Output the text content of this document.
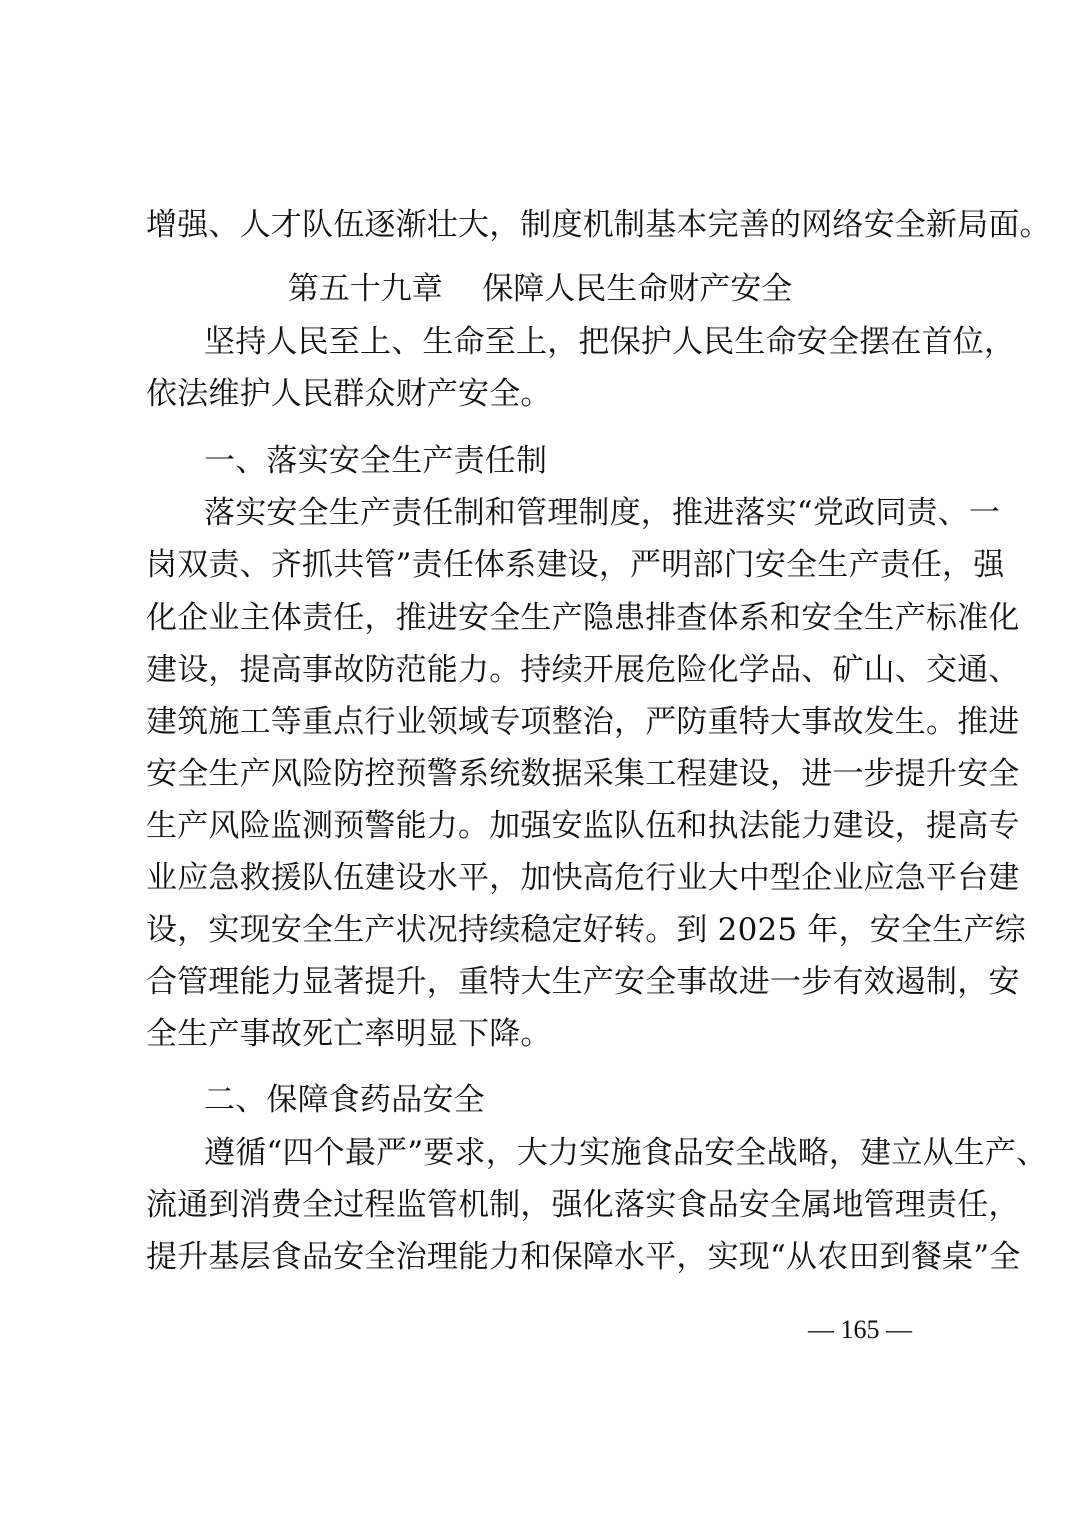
增强、人才队伍逐渐壮大，制度机制基本完善的网络安全新局面。
第五十九章 保障人民生命财产安全
坚持人民至上、生命至上，把保护人民生命安全摆在首位，
依法维护人民群众财产安全。
一、落实安全生产责任制
落实安全生产责任制和管理制度，推进落实“党政同责、一
岗双责、齐抓共管”责任体系建设，严明部门安全生产责任，强
化企业主体责任，推进安全生产隐患排查体系和安全生产标准化
建设，提高事故防范能力。持续开展危险化学品、矿山、交通、
建筑施工等重点行业领域专项整治，严防重特大事故发生。推进
安全生产风险防控预警系统数据采集工程建设，进一步提升安全
生产风险监测预警能力。加强安监队伍和执法能力建设，提高专
业应急救援队伍建设水平，加快高危行业大中型企业应急平台建
设，实现安全生产状况持续稳定好转。到 2025 年，安全生产综
合管理能力显著提升，重特大生产安全事故进一步有效遏制，安
全生产事故死亡率明显下降。
二、保障食药品安全
遵循“四个最严”要求，大力实施食品安全战略，建立从生产、
流通到消费全过程监管机制，强化落实食品安全属地管理责任，
提升基层食品安全治理能力和保障水平，实现“从农田到餐桌”全
— 165 —
